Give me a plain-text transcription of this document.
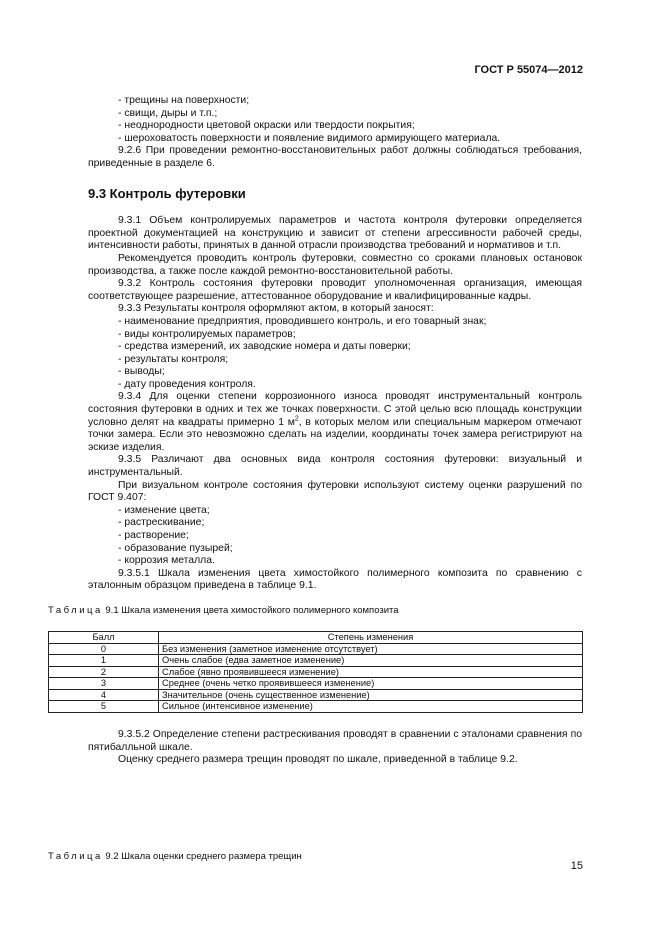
ГОСТ Р 55074—2012

- трещины на поверхности;

- свищи, дыры и т.п.;

- неоднородности цветовой окраски или твердости покрытия;

- шероховатость поверхности и появление видимого армирующего материала.

9.2.6 При проведении ремонтно-восстановительных работ должны соблюдаться требования, приведенные в разделе 6.

9.3 Контроль футеровки

9.3.1 Объем контролируемых параметров и частота контроля футеровки определяется проектной документацией на конструкцию и зависит от степени агрессивности рабочей среды, интенсивности работы, принятых в данной отрасли производства требований и нормативов и т.п.

Рекомендуется проводить контроль футеровки, совместно со сроками плановых остановок производства, а также после каждой ремонтно-восстановительной работы.

9.3.2 Контроль состояния футеровки проводит уполномоченная организация, имеющая соответствующее разрешение, аттестованное оборудование и квалифицированные кадры.

9.3.3 Результаты контроля оформляют актом, в который заносят:

- наименование предприятия, проводившего контроль, и его товарный знак;

- виды контролируемых параметров;

- средства измерений, их заводские номера и даты поверки;

- результаты контроля;

- выводы;

- дату проведения контроля.

9.3.4 Для оценки степени коррозионного износа проводят инструментальный контроль состояния футеровки в одних и тех же точках поверхности. С этой целью всю площадь конструкции условно делят на квадраты примерно 1 $м^2$, в которых мелом или специальным маркером отмечают точки замера. Если это невозможно сделать на изделии, координаты точек замера регистрируют на эскизе изделия.

9.3.5 Различают два основных вида контроля состояния футеровки: визуальный и инструментальный.

При визуальном контроле состояния футеровки используют систему оценки разрушений по ГОСТ 9.407:

- изменение цвета;

- растрескивание;

- растворение;

- образование пузырей;

- коррозия металла.

9.3.5.1 Шкала изменения цвета химостойкого полимерного композита по сравнению с эталонным образцом приведена в таблице 9.1.

Таблица 9.1 Шкала изменения цвета химостойкого полимерного композита
Балл	Степень изменения
0	Без изменения (заметное изменение отсутствует)
1	Очень слабое (едва заметное изменение)
2	Слабое (явно проявившееся изменение)
3	Среднее (очень четко проявившееся изменение)
4	Значительное (очень существенное изменение)
5	Сильное (интенсивное изменение)

9.3.5.2 Определение степени растрескивания проводят в сравнении с эталонами сравнения по пятибалльной шкале.

Оценку среднего размера трещин проводят по шкале, приведенной в таблице 9.2.

Таблица 9.2 Шкала оценки среднего размера трещин
15
